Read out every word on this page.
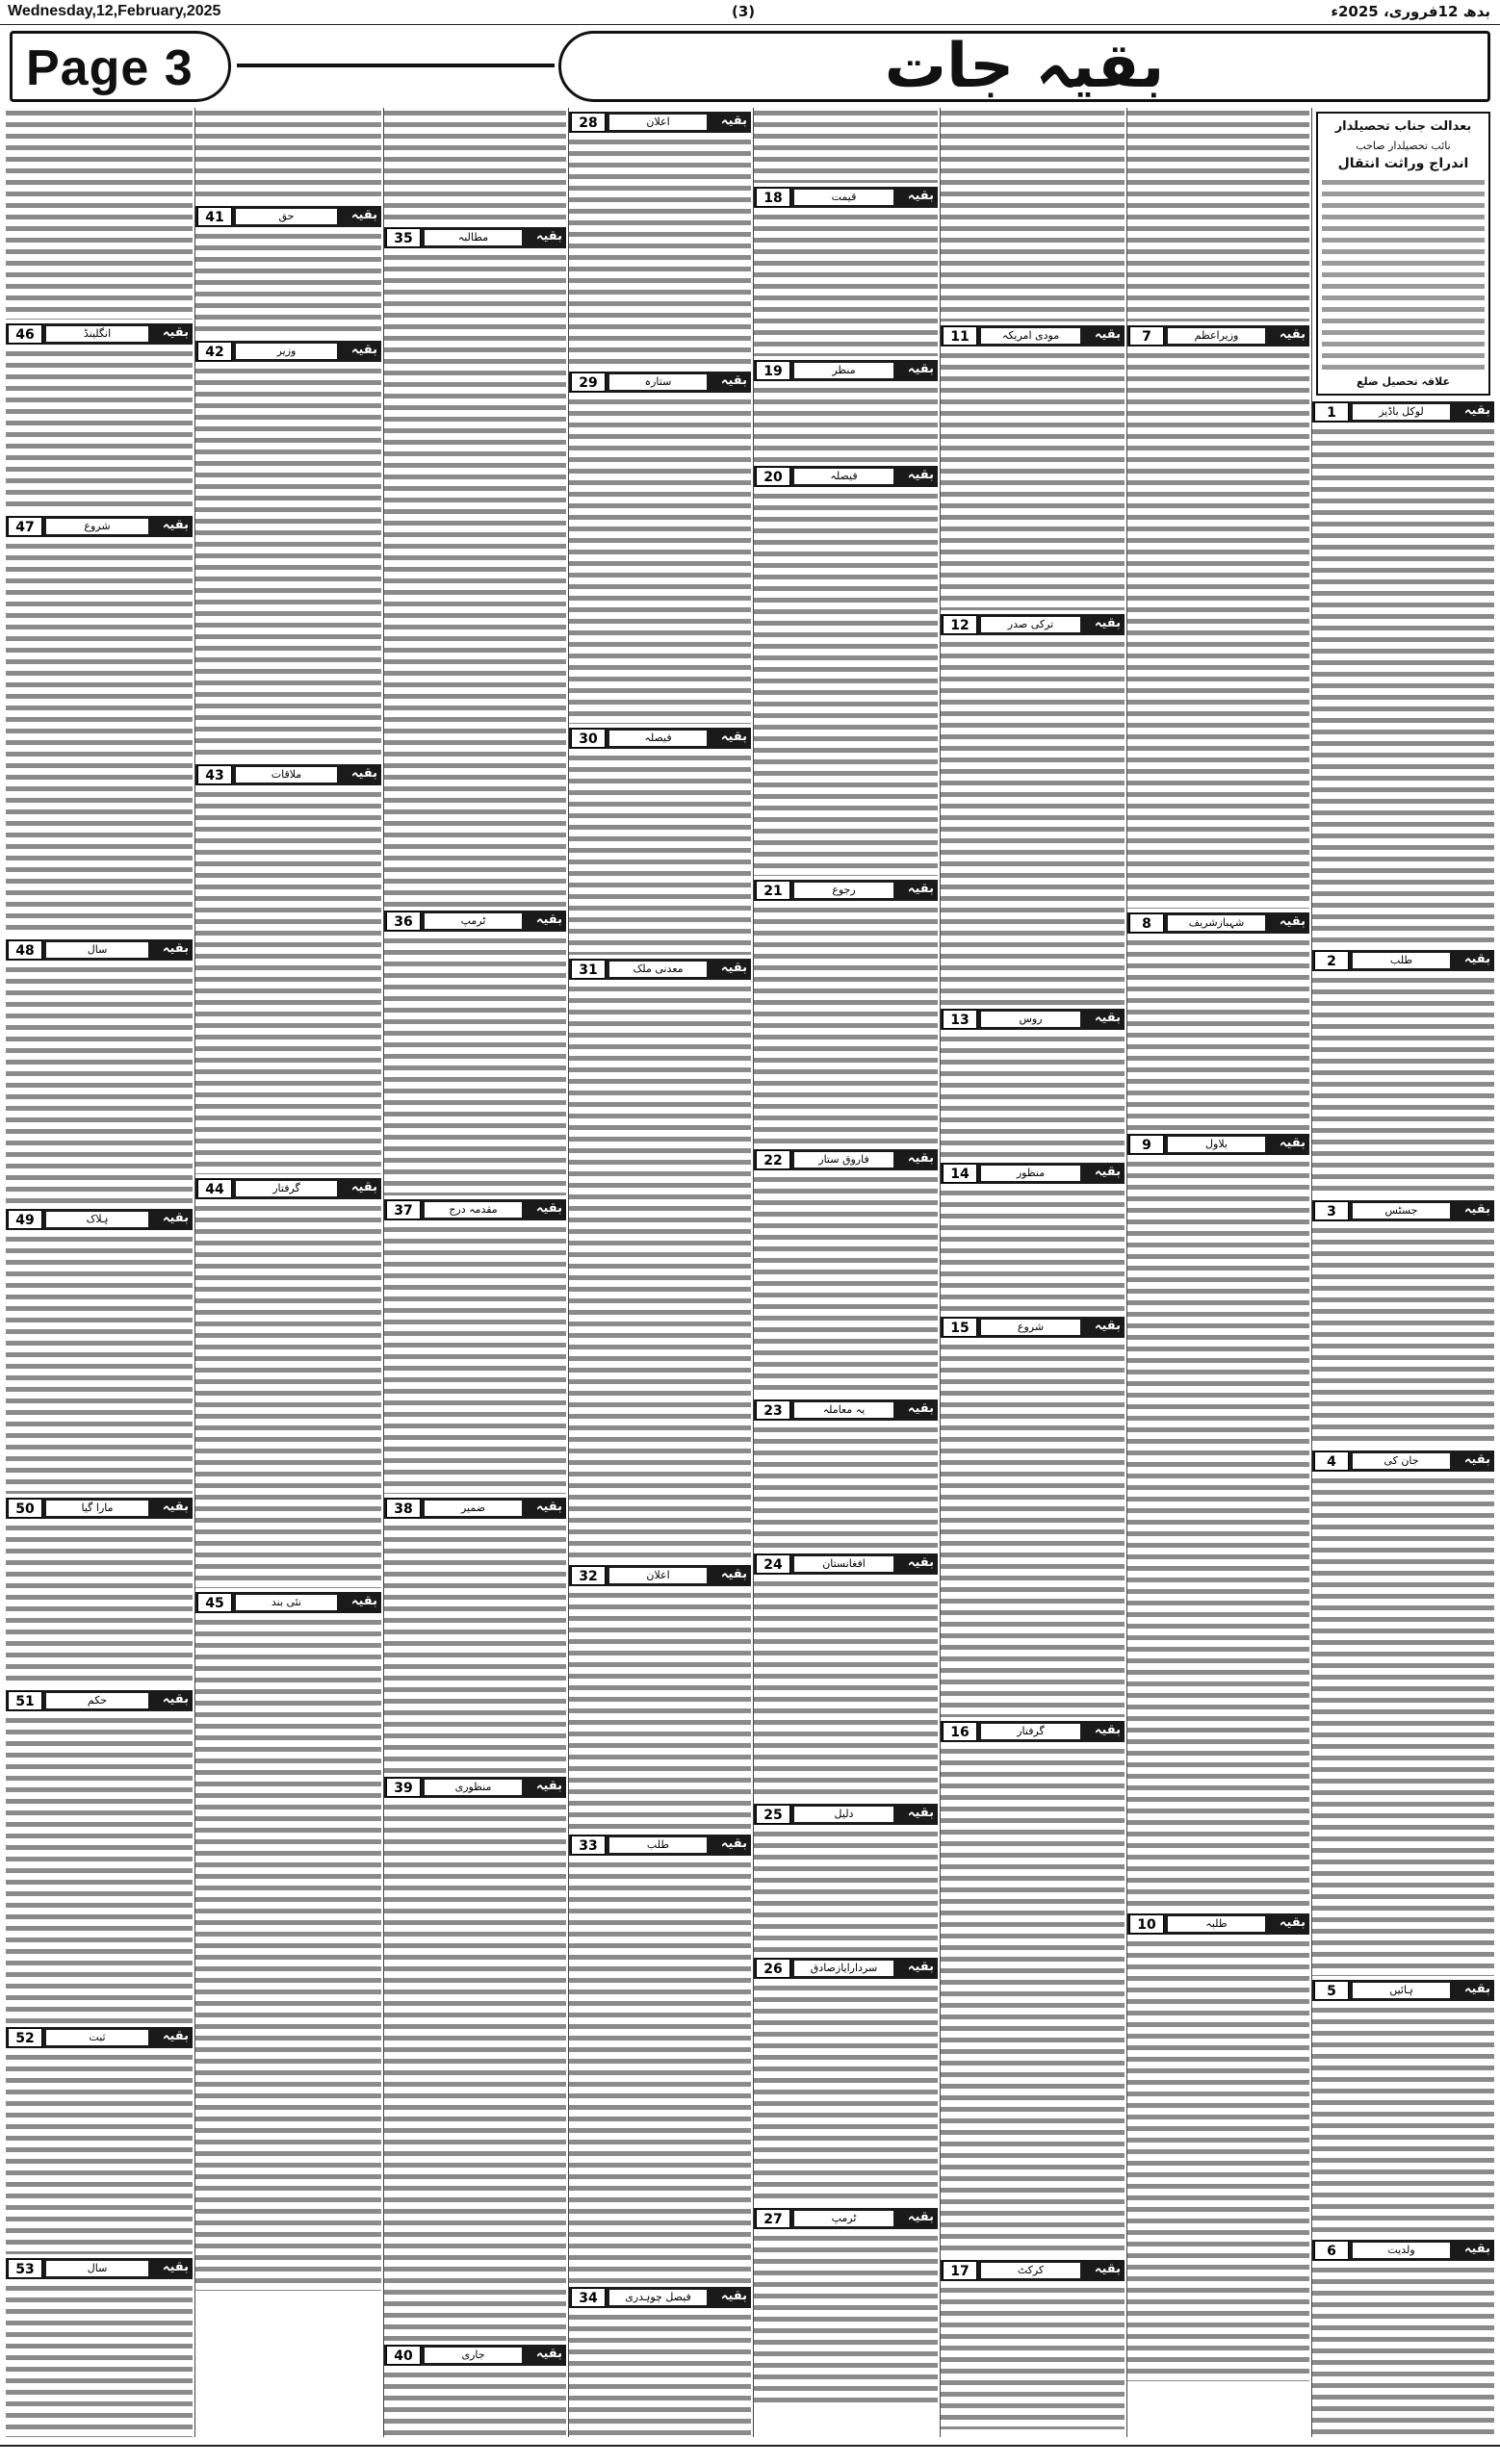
Wednesday,12,February,2025	(3)	بدھ 12فروری، 2025ء
Page 3	بقیہ جات
بعدالت جناب تحصیلدار
نائب تحصیلدار صاحب
اندراج وراثت انتقال
علاقہ تحصیل ضلع
1	لوکل باڈیز	بقیہ
2	طلب	بقیہ
3	جسٹس	بقیہ
4	جان کی	بقیہ
5	ہائیں	بقیہ
6	ولدیت	بقیہ
7	وزیراعظم	بقیہ
8	شہبازشریف	بقیہ
9	بلاول	بقیہ
10	طلبہ	بقیہ
11	مودی امریکہ	بقیہ
12	ترکی صدر	بقیہ
13	روس	بقیہ
14	منظور	بقیہ
15	شروع	بقیہ
16	گرفتار	بقیہ
17	کرکٹ	بقیہ
18	قیمت	بقیہ
19	منظر	بقیہ
20	فیصلہ	بقیہ
21	رجوع	بقیہ
22	فاروق ستار	بقیہ
23	یہ معاملہ	بقیہ
24	افغانستان	بقیہ
25	دلیل	بقیہ
26	سردارایازصادق	بقیہ
27	ٹرمپ	بقیہ
28	اعلان	بقیہ
29	ستارہ	بقیہ
30	فیصلہ	بقیہ
31	معدنی ملک	بقیہ
32	اعلان	بقیہ
33	طلب	بقیہ
34	فیصل چوہدری	بقیہ
35	مطالبہ	بقیہ
36	ٹرمپ	بقیہ
37	مقدمہ درج	بقیہ
38	ضمیر	بقیہ
39	منظوری	بقیہ
40	جاری	بقیہ
41	حق	بقیہ
42	وزیر	بقیہ
43	ملاقات	بقیہ
44	گرفتار	بقیہ
45	نئی بند	بقیہ
46	انگلینڈ	بقیہ
47	شروع	بقیہ
48	سال	بقیہ
49	ہلاک	بقیہ
50	مارا گیا	بقیہ
51	حکم	بقیہ
52	ثبت	بقیہ
53	سال	بقیہ
